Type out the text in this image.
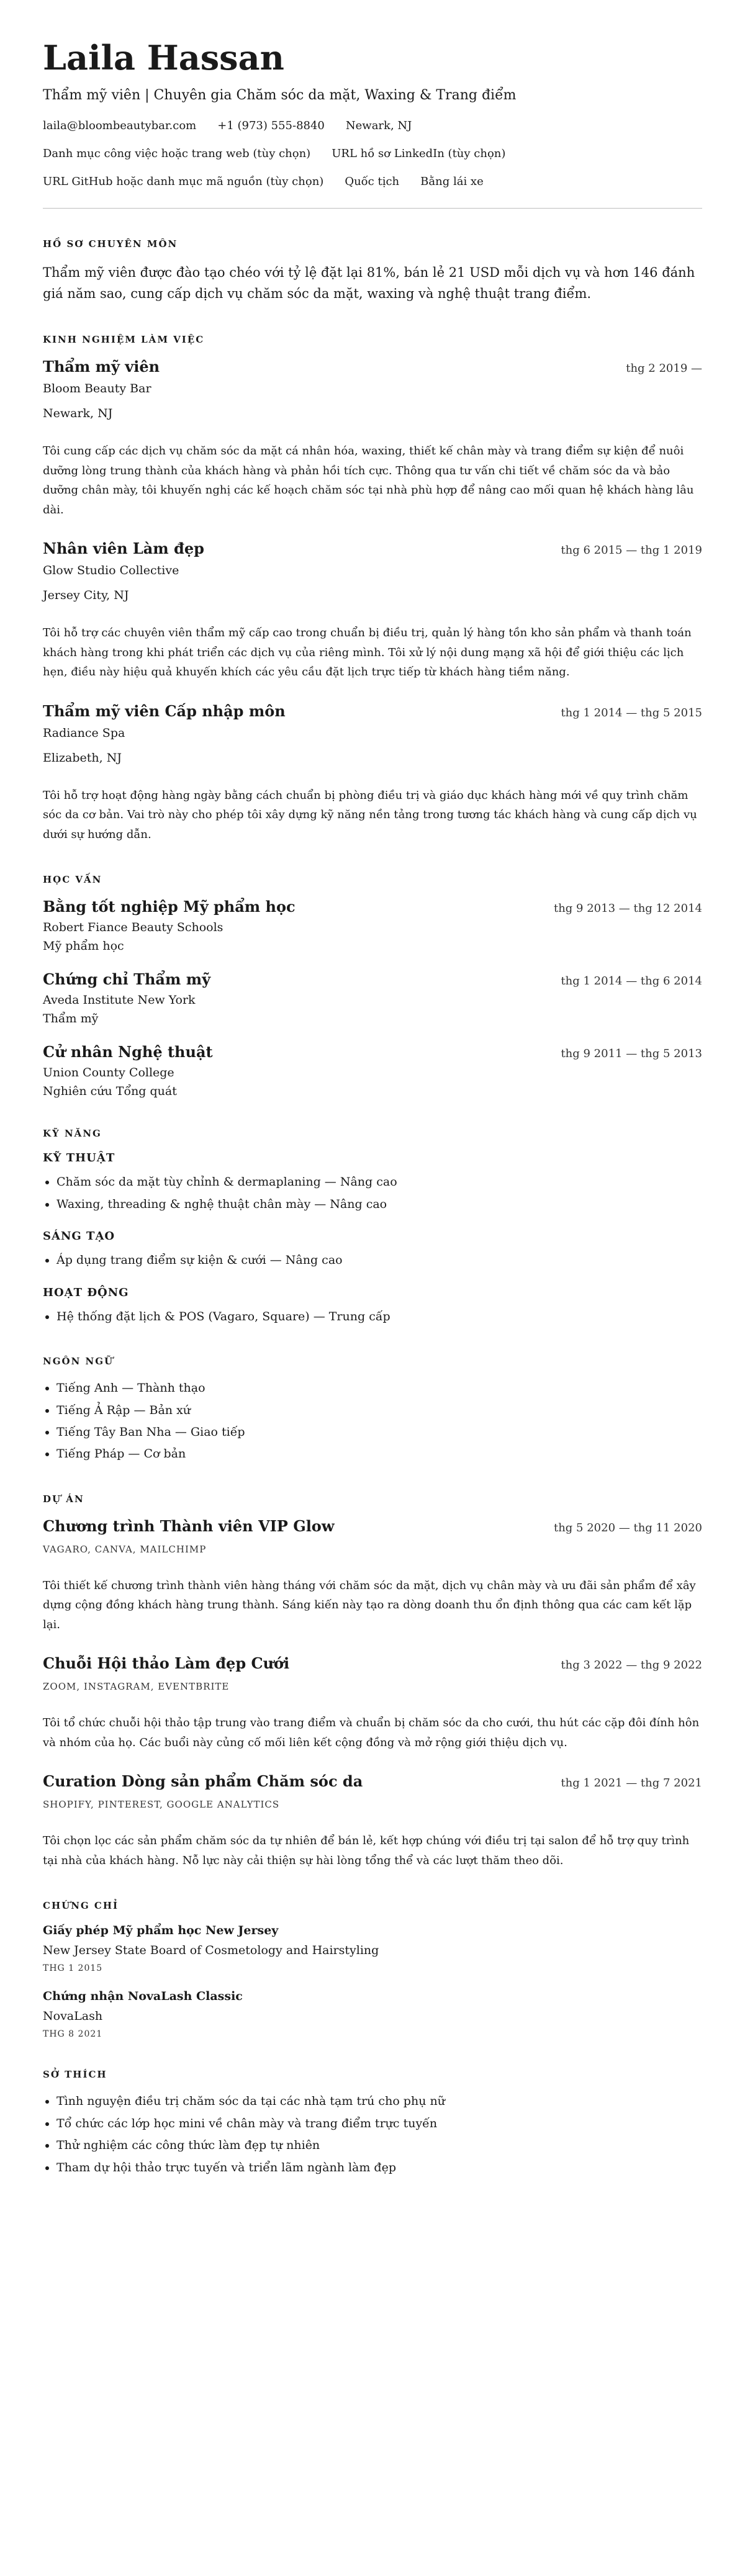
Laila Hassan
Thẩm mỹ viên | Chuyên gia Chăm sóc da mặt, Waxing & Trang điểm
laila@bloombeautybar.com +1 (973) 555-8840 Newark, NJ
Danh mục công việc hoặc trang web (tùy chọn) URL hồ sơ LinkedIn (tùy chọn)
URL GitHub hoặc danh mục mã nguồn (tùy chọn) Quốc tịch Bằng lái xe
HỒ SƠ CHUYÊN MÔN
Thẩm mỹ viên được đào tạo chéo với tỷ lệ đặt lại 81%, bán lẻ 21 USD mỗi dịch vụ và hơn 146 đánh giá năm sao, cung cấp dịch vụ chăm sóc da mặt, waxing và nghệ thuật trang điểm.
KINH NGHIỆM LÀM VIỆC
Thẩm mỹ viên	thg 2 2019 —
Bloom Beauty Bar
Newark, NJ
Tôi cung cấp các dịch vụ chăm sóc da mặt cá nhân hóa, waxing, thiết kế chân mày và trang điểm sự kiện để nuôi dưỡng lòng trung thành của khách hàng và phản hồi tích cực. Thông qua tư vấn chi tiết về chăm sóc da và bảo dưỡng chân mày, tôi khuyến nghị các kế hoạch chăm sóc tại nhà phù hợp để nâng cao mối quan hệ khách hàng lâu dài.
Nhân viên Làm đẹp	thg 6 2015 — thg 1 2019
Glow Studio Collective
Jersey City, NJ
Tôi hỗ trợ các chuyên viên thẩm mỹ cấp cao trong chuẩn bị điều trị, quản lý hàng tồn kho sản phẩm và thanh toán khách hàng trong khi phát triển các dịch vụ của riêng mình. Tôi xử lý nội dung mạng xã hội để giới thiệu các lịch hẹn, điều này hiệu quả khuyến khích các yêu cầu đặt lịch trực tiếp từ khách hàng tiềm năng.
Thẩm mỹ viên Cấp nhập môn	thg 1 2014 — thg 5 2015
Radiance Spa
Elizabeth, NJ
Tôi hỗ trợ hoạt động hàng ngày bằng cách chuẩn bị phòng điều trị và giáo dục khách hàng mới về quy trình chăm sóc da cơ bản. Vai trò này cho phép tôi xây dựng kỹ năng nền tảng trong tương tác khách hàng và cung cấp dịch vụ dưới sự hướng dẫn.
HỌC VẤN
Bằng tốt nghiệp Mỹ phẩm học	thg 9 2013 — thg 12 2014
Robert Fiance Beauty Schools
Mỹ phẩm học
Chứng chỉ Thẩm mỹ	thg 1 2014 — thg 6 2014
Aveda Institute New York
Thẩm mỹ
Cử nhân Nghệ thuật	thg 9 2011 — thg 5 2013
Union County College
Nghiên cứu Tổng quát
KỸ NĂNG
KỸ THUẬT
• Chăm sóc da mặt tùy chỉnh & dermaplaning — Nâng cao
• Waxing, threading & nghệ thuật chân mày — Nâng cao
SÁNG TẠO
• Áp dụng trang điểm sự kiện & cưới — Nâng cao
HOẠT ĐỘNG
• Hệ thống đặt lịch & POS (Vagaro, Square) — Trung cấp
NGÔN NGỮ
• Tiếng Anh — Thành thạo
• Tiếng Ả Rập — Bản xứ
• Tiếng Tây Ban Nha — Giao tiếp
• Tiếng Pháp — Cơ bản
DỰ ÁN
Chương trình Thành viên VIP Glow	thg 5 2020 — thg 11 2020
VAGARO, CANVA, MAILCHIMP
Tôi thiết kế chương trình thành viên hàng tháng với chăm sóc da mặt, dịch vụ chân mày và ưu đãi sản phẩm để xây dựng cộng đồng khách hàng trung thành. Sáng kiến này tạo ra dòng doanh thu ổn định thông qua các cam kết lặp lại.
Chuỗi Hội thảo Làm đẹp Cưới	thg 3 2022 — thg 9 2022
ZOOM, INSTAGRAM, EVENTBRITE
Tôi tổ chức chuỗi hội thảo tập trung vào trang điểm và chuẩn bị chăm sóc da cho cưới, thu hút các cặp đôi đính hôn và nhóm của họ. Các buổi này củng cố mối liên kết cộng đồng và mở rộng giới thiệu dịch vụ.
Curation Dòng sản phẩm Chăm sóc da	thg 1 2021 — thg 7 2021
SHOPIFY, PINTEREST, GOOGLE ANALYTICS
Tôi chọn lọc các sản phẩm chăm sóc da tự nhiên để bán lẻ, kết hợp chúng với điều trị tại salon để hỗ trợ quy trình tại nhà của khách hàng. Nỗ lực này cải thiện sự hài lòng tổng thể và các lượt thăm theo dõi.
CHỨNG CHỈ
Giấy phép Mỹ phẩm học New Jersey
New Jersey State Board of Cosmetology and Hairstyling
THG 1 2015
Chứng nhận NovaLash Classic
NovaLash
THG 8 2021
SỞ THÍCH
• Tình nguyện điều trị chăm sóc da tại các nhà tạm trú cho phụ nữ
• Tổ chức các lớp học mini về chân mày và trang điểm trực tuyến
• Thử nghiệm các công thức làm đẹp tự nhiên
• Tham dự hội thảo trực tuyến và triển lãm ngành làm đẹp
